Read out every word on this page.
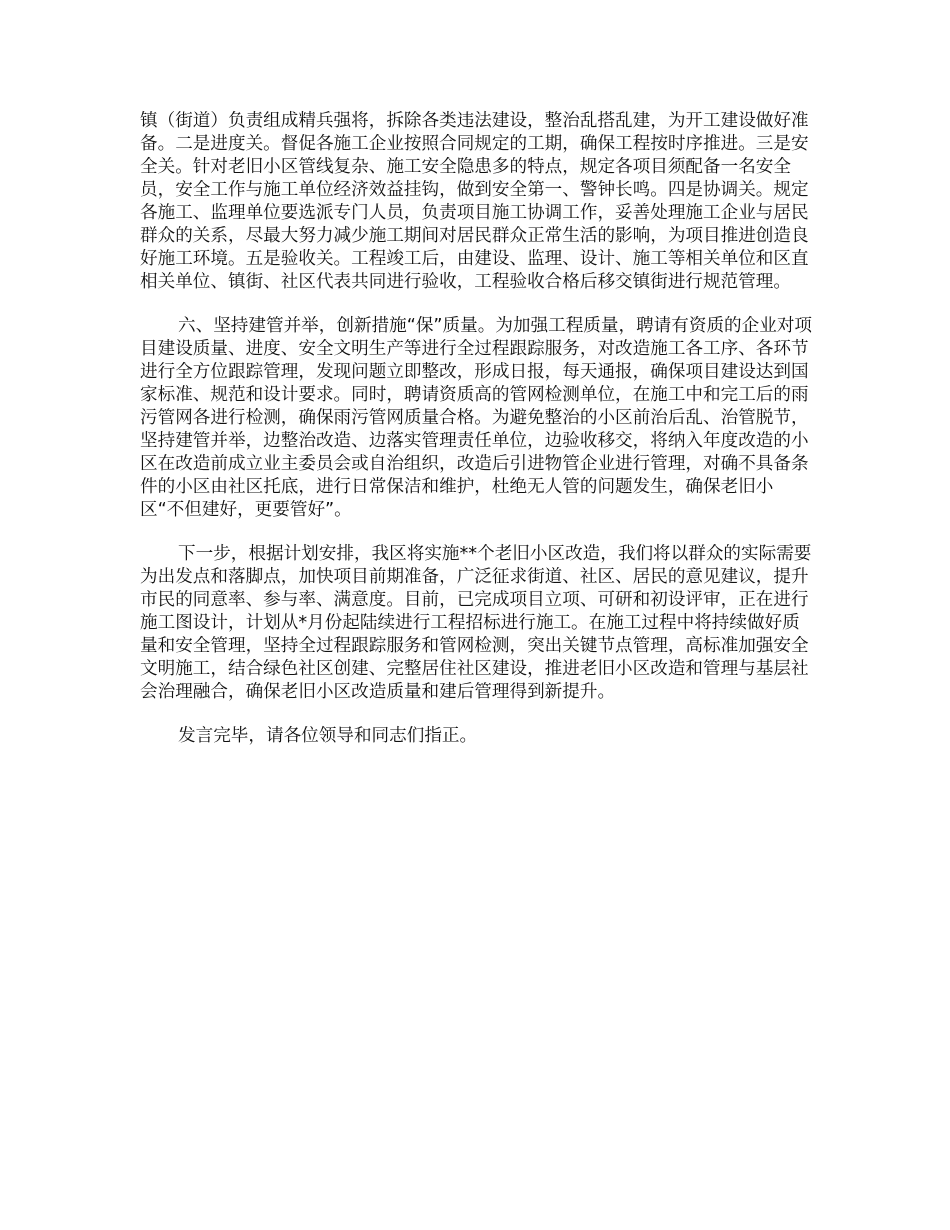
镇（街道）负责组成精兵强将，拆除各类违法建设，整治乱搭乱建，为开工建设做好准备。二是进度关。督促各施工企业按照合同规定的工期，确保工程按时序推进。三是安全关。针对老旧小区管线复杂、施工安全隐患多的特点，规定各项目须配备一名安全员，安全工作与施工单位经济效益挂钩，做到安全第一、警钟长鸣。四是协调关。规定各施工、监理单位要选派专门人员，负责项目施工协调工作，妥善处理施工企业与居民群众的关系，尽最大努力减少施工期间对居民群众正常生活的影响，为项目推进创造良好施工环境。五是验收关。工程竣工后，由建设、监理、设计、施工等相关单位和区直相关单位、镇街、社区代表共同进行验收，工程验收合格后移交镇街进行规范管理。

六、坚持建管并举，创新措施“保”质量。为加强工程质量，聘请有资质的企业对项目建设质量、进度、安全文明生产等进行全过程跟踪服务，对改造施工各工序、各环节进行全方位跟踪管理，发现问题立即整改，形成日报，每天通报，确保项目建设达到国家标准、规范和设计要求。同时，聘请资质高的管网检测单位，在施工中和完工后的雨污管网各进行检测，确保雨污管网质量合格。为避免整治的小区前治后乱、治管脱节，坚持建管并举，边整治改造、边落实管理责任单位，边验收移交，将纳入年度改造的小区在改造前成立业主委员会或自治组织，改造后引进物管企业进行管理，对确不具备条件的小区由社区托底，进行日常保洁和维护，杜绝无人管的问题发生，确保老旧小区“不但建好，更要管好”。

下一步，根据计划安排，我区将实施**个老旧小区改造，我们将以群众的实际需要为出发点和落脚点，加快项目前期准备，广泛征求街道、社区、居民的意见建议，提升市民的同意率、参与率、满意度。目前，已完成项目立项、可研和初设评审，正在进行施工图设计，计划从*月份起陆续进行工程招标进行施工。在施工过程中将持续做好质量和安全管理，坚持全过程跟踪服务和管网检测，突出关键节点管理，高标准加强安全文明施工，结合绿色社区创建、完整居住社区建设，推进老旧小区改造和管理与基层社会治理融合，确保老旧小区改造质量和建后管理得到新提升。

发言完毕，请各位领导和同志们指正。
